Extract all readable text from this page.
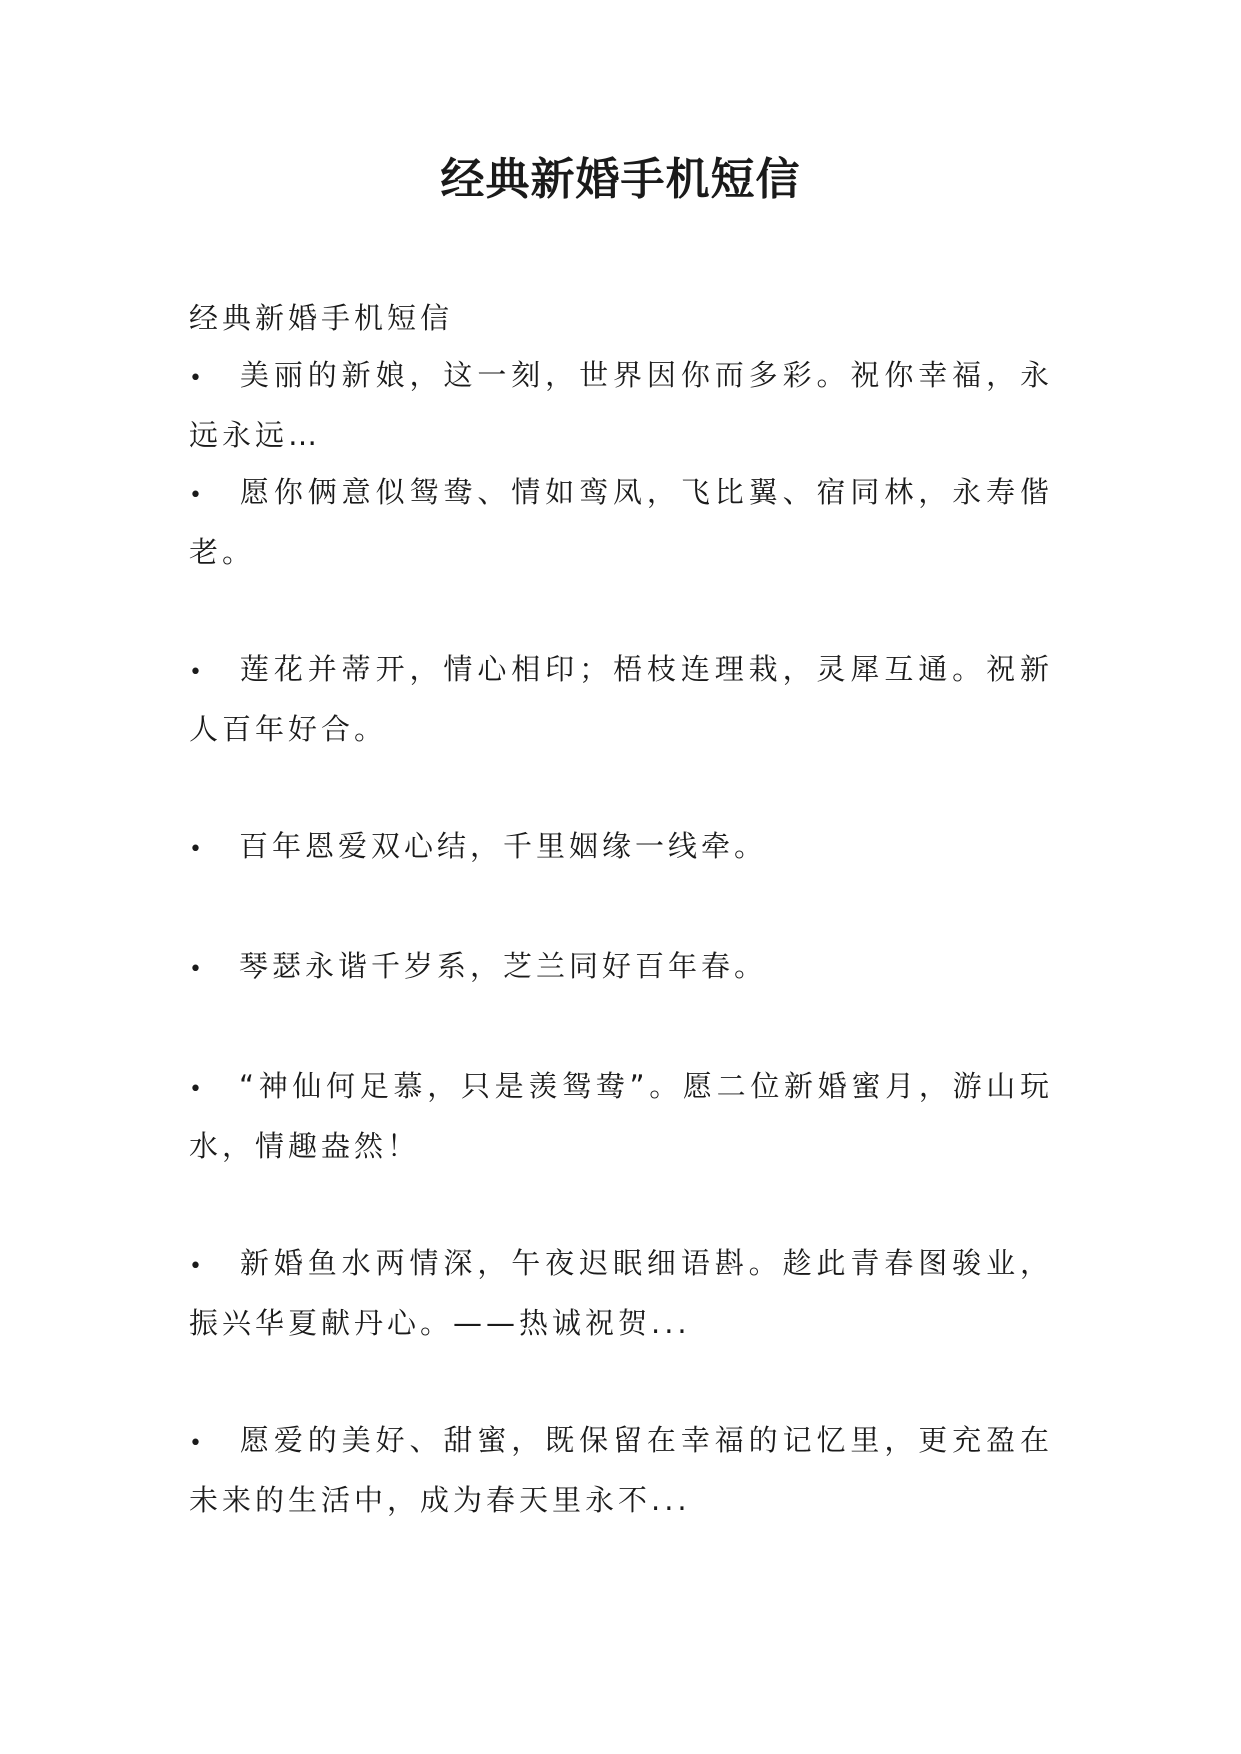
经典新婚手机短信

经典新婚手机短信

• 美丽的新娘，这一刻，世界因你而多彩。祝你幸福，永远永远…

• 愿你俩意似鸳鸯、情如鸾凤，飞比翼、宿同林，永寿偕老。

• 莲花并蒂开，情心相印；梧枝连理栽，灵犀互通。祝新人百年好合。

• 百年恩爱双心结，千里姻缘一线牵。

• 琴瑟永谐千岁系，芝兰同好百年春。

• “神仙何足慕，只是羡鸳鸯”。愿二位新婚蜜月，游山玩水，情趣盎然！

• 新婚鱼水两情深，午夜迟眠细语斟。趁此青春图骏业，振兴华夏献丹心。——热诚祝贺...

• 愿爱的美好、甜蜜，既保留在幸福的记忆里，更充盈在未来的生活中，成为春天里永不...
